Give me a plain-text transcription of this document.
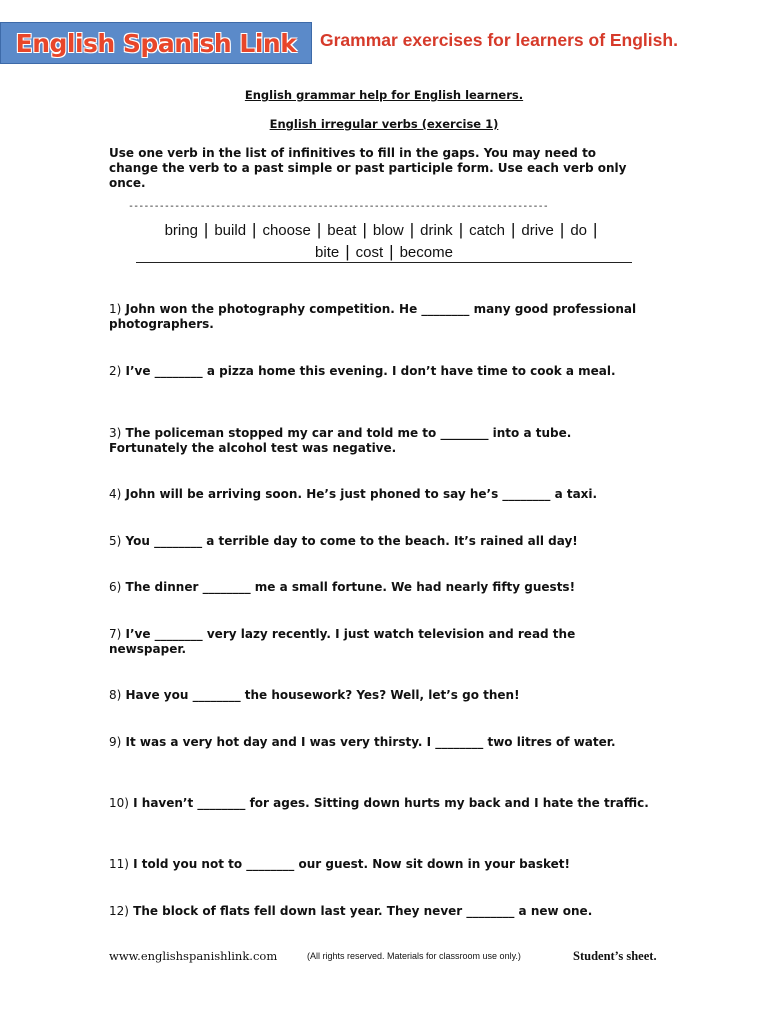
English Spanish Link Grammar exercises for learners of English.
English grammar help for English learners.
English irregular verbs (exercise 1)
Use one verb in the list of infinitives to fill in the gaps. You may need to change the verb to a past simple or past participle form. Use each verb only once.
----------------------------------------------------------------------------------
bring | build | choose | beat | blow | drink | catch | drive | do |
bite | cost | become
1) John won the photography competition. He ________ many good professional photographers.
2) I’ve ________ a pizza home this evening. I don’t have time to cook a meal.
3) The policeman stopped my car and told me to ________ into a tube. Fortunately the alcohol test was negative.
4) John will be arriving soon. He’s just phoned to say he’s ________ a taxi.
5) You ________ a terrible day to come to the beach. It’s rained all day!
6) The dinner ________ me a small fortune. We had nearly fifty guests!
7) I’ve ________ very lazy recently. I just watch television and read the newspaper.
8) Have you ________ the housework? Yes? Well, let’s go then!
9) It was a very hot day and I was very thirsty. I ________ two litres of water.
10) I haven’t ________ for ages. Sitting down hurts my back and I hate the traffic.
11) I told you not to ________ our guest. Now sit down in your basket!
12) The block of flats fell down last year. They never ________ a new one.
www.englishspanishlink.com	(All rights reserved. Materials for classroom use only.)	Student’s sheet.
